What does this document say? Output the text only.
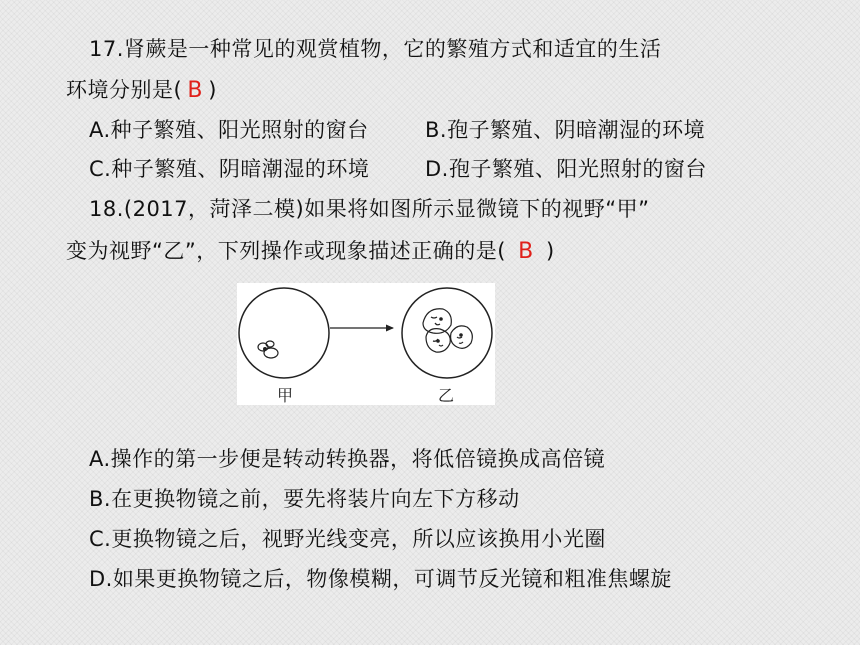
17.肾蕨是一种常见的观赏植物，它的繁殖方式和适宜的生活
环境分别是( B )
A.种子繁殖、阳光照射的窗台	B.孢子繁殖、阴暗潮湿的环境
C.种子繁殖、阴暗潮湿的环境	D.孢子繁殖、阳光照射的窗台
18.(2017，菏泽二模)如果将如图所示显微镜下的视野“甲”
变为视野“乙”，下列操作或现象描述正确的是( B )
甲	乙
A.操作的第一步便是转动转换器，将低倍镜换成高倍镜
B.在更换物镜之前，要先将装片向左下方移动
C.更换物镜之后，视野光线变亮，所以应该换用小光圈
D.如果更换物镜之后，物像模糊，可调节反光镜和粗准焦螺旋
